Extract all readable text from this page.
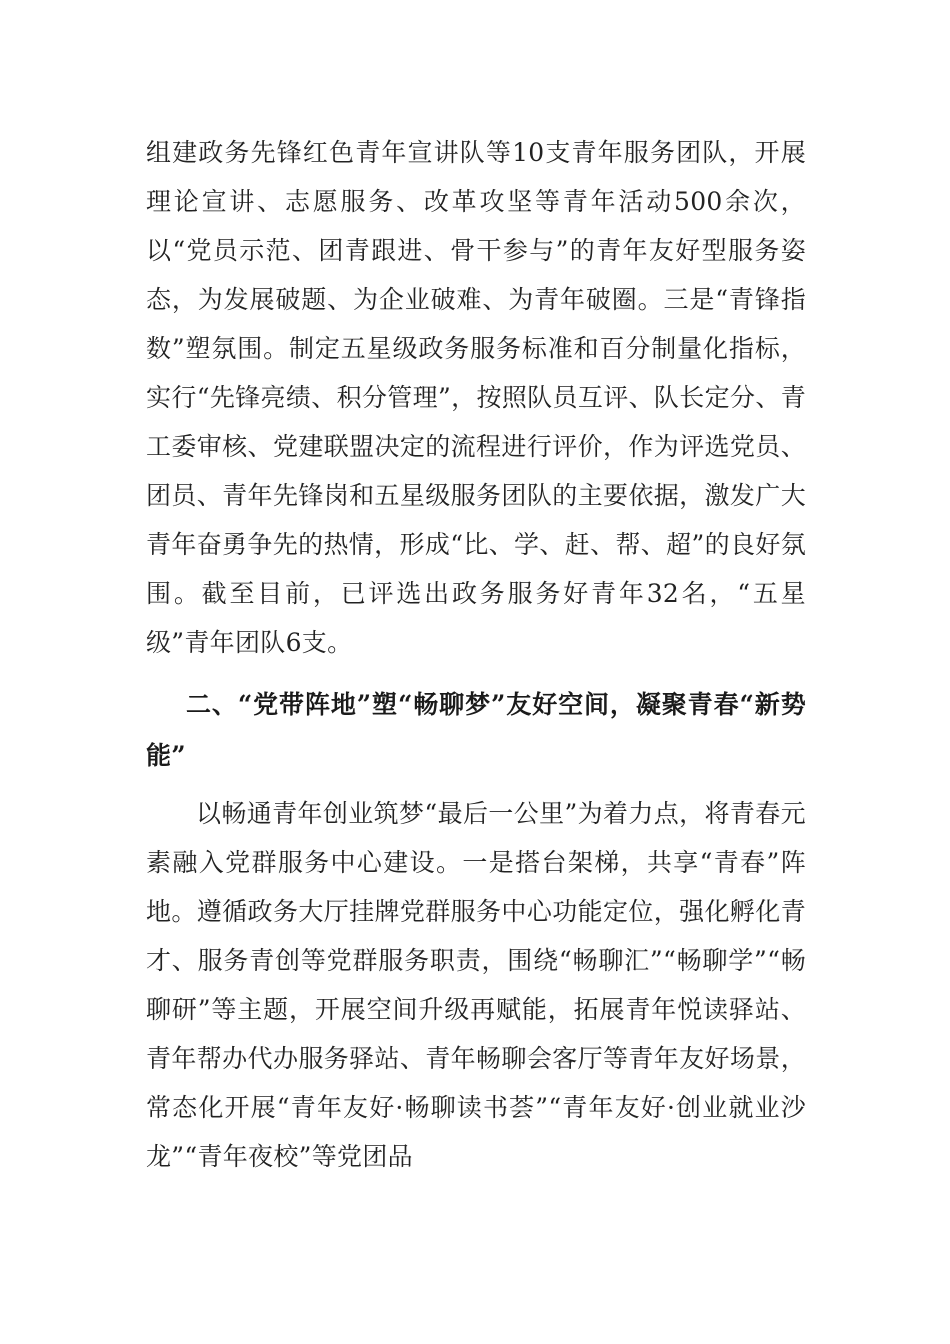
组建政务先锋红色青年宣讲队等10支青年服务团队，开展理论宣讲、志愿服务、改革攻坚等青年活动500余次，以“党员示范、团青跟进、骨干参与”的青年友好型服务姿态，为发展破题、为企业破难、为青年破圈。三是“青锋指数”塑氛围。制定五星级政务服务标准和百分制量化指标，实行“先锋亮绩、积分管理”，按照队员互评、队长定分、青工委审核、党建联盟决定的流程进行评价，作为评选党员、团员、青年先锋岗和五星级服务团队的主要依据，激发广大青年奋勇争先的热情，形成“比、学、赶、帮、超”的良好氛围。截至目前，已评选出政务服务好青年32名，“五星级”青年团队6支。

二、“党带阵地”塑“畅聊梦”友好空间，凝聚青春“新势能”

以畅通青年创业筑梦“最后一公里”为着力点，将青春元素融入党群服务中心建设。一是搭台架梯，共享“青春”阵地。遵循政务大厅挂牌党群服务中心功能定位，强化孵化青才、服务青创等党群服务职责，围绕“畅聊汇”“畅聊学”“畅聊研”等主题，开展空间升级再赋能，拓展青年悦读驿站、青年帮办代办服务驿站、青年畅聊会客厅等青年友好场景，常态化开展“青年友好·畅聊读书荟”“青年友好·创业就业沙龙”“青年夜校”等党团品
